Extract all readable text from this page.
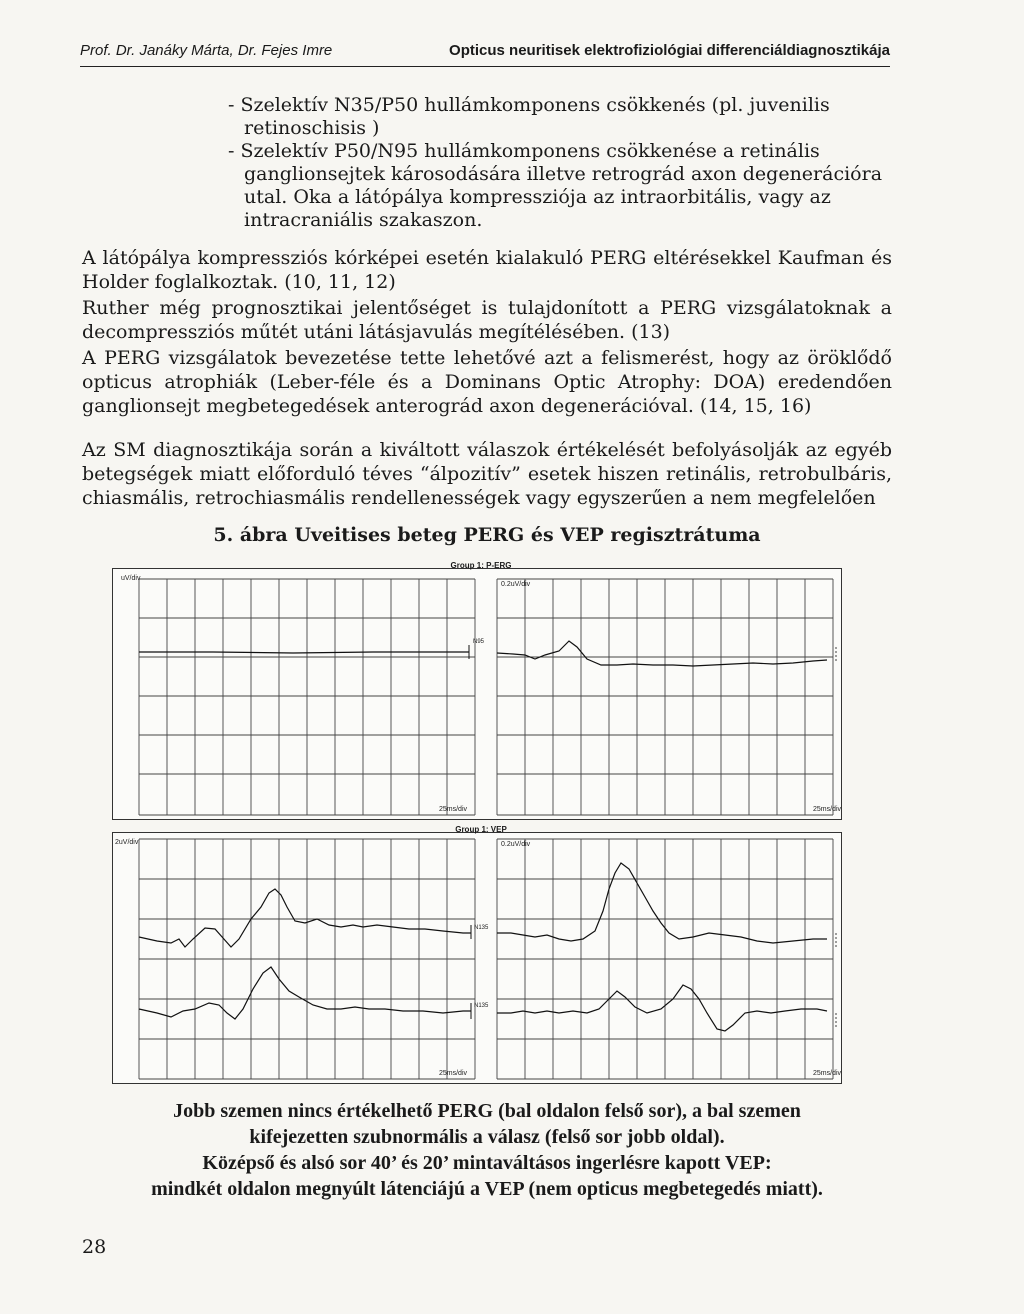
Prof. Dr. Janáky Márta, Dr. Fejes Imre	Opticus neuritisek elektrofiziológiai differenciáldiagnosztikája
- Szelektív N35/P50 hullámkomponens csökkenés (pl. juvenilis retinoschisis )
- Szelektív P50/N95 hullámkomponens csökkenése a retinális ganglionsejtek károsodására illetve retrográd axon degenerációra utal. Oka a látópálya kompressziója az intraorbitális, vagy az intracraniális szakaszon.

A látópálya kompressziós kórképei esetén kialakuló PERG eltérésekkel Kaufman és Holder foglalkoztak. (10, 11, 12)

Ruther még prognosztikai jelentőséget is tulajdonított a PERG vizsgálatoknak a decompressziós műtét utáni látásjavulás megítélésében. (13)

A PERG vizsgálatok bevezetése tette lehetővé azt a felismerést, hogy az öröklődő opticus atrophiák (Leber-féle és a Dominans Optic Atrophy: DOA) eredendően ganglionsejt megbetegedések anterográd axon degenerációval. (14, 15, 16)

Az SM diagnosztikája során a kiváltott válaszok értékelését befolyásolják az egyéb betegségek miatt előforduló téves “álpozitív” esetek hiszen retinális, retrobulbáris, chiasmális, retrochiasmális rendellenességek vagy egyszerűen a nem megfelelően

5. ábra Uveitises beteg PERG és VEP regisztrátuma
Group 1: P-ERG
uV/div
0.2uV/div
25ms/div	25ms/div
N95
Group 1: VEP
2uV/div	0.2uV/div
25ms/div	25ms/div
N135
N135
Jobb szemen nincs értékelhető PERG (bal oldalon felső sor), a bal szemen
kifejezetten szubnormális a válasz (felső sor jobb oldal).
Középső és alsó sor 40’ és 20’ mintaváltásos ingerlésre kapott VEP:
mindkét oldalon megnyúlt látenciájú a VEP (nem opticus megbetegedés miatt).
28
